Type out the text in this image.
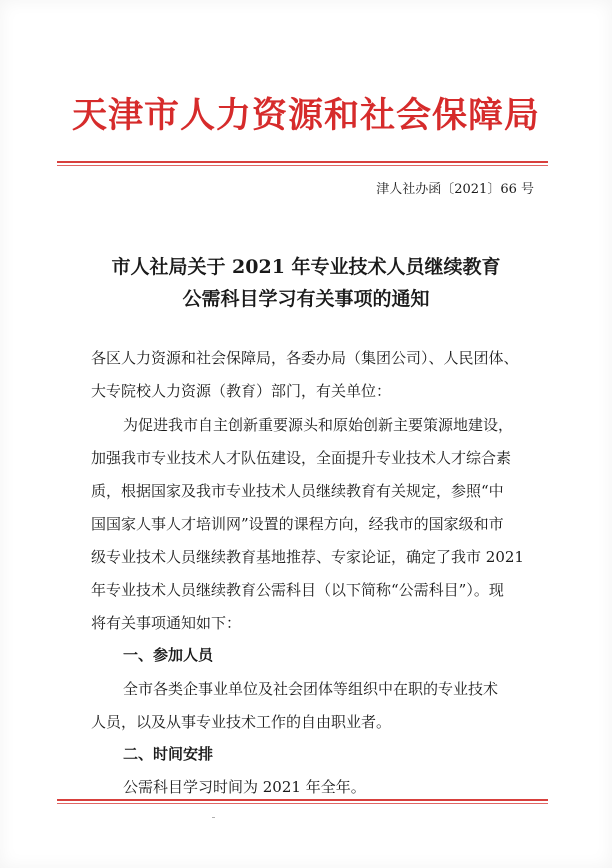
天津市人力资源和社会保障局
津人社办函〔2021〕66 号
市人社局关于 2021 年专业技术人员继续教育
公需科目学习有关事项的通知
各区人力资源和社会保障局，各委办局（集团公司）、人民团体、
大专院校人力资源（教育）部门，有关单位：
为促进我市自主创新重要源头和原始创新主要策源地建设，
加强我市专业技术人才队伍建设，全面提升专业技术人才综合素
质，根据国家及我市专业技术人员继续教育有关规定，参照“中
国国家人事人才培训网”设置的课程方向，经我市的国家级和市
级专业技术人员继续教育基地推荐、专家论证，确定了我市 2021
年专业技术人员继续教育公需科目（以下简称“公需科目”）。现
将有关事项通知如下：
一、参加人员
全市各类企事业单位及社会团体等组织中在职的专业技术
人员，以及从事专业技术工作的自由职业者。
二、时间安排
公需科目学习时间为 2021 年全年。
